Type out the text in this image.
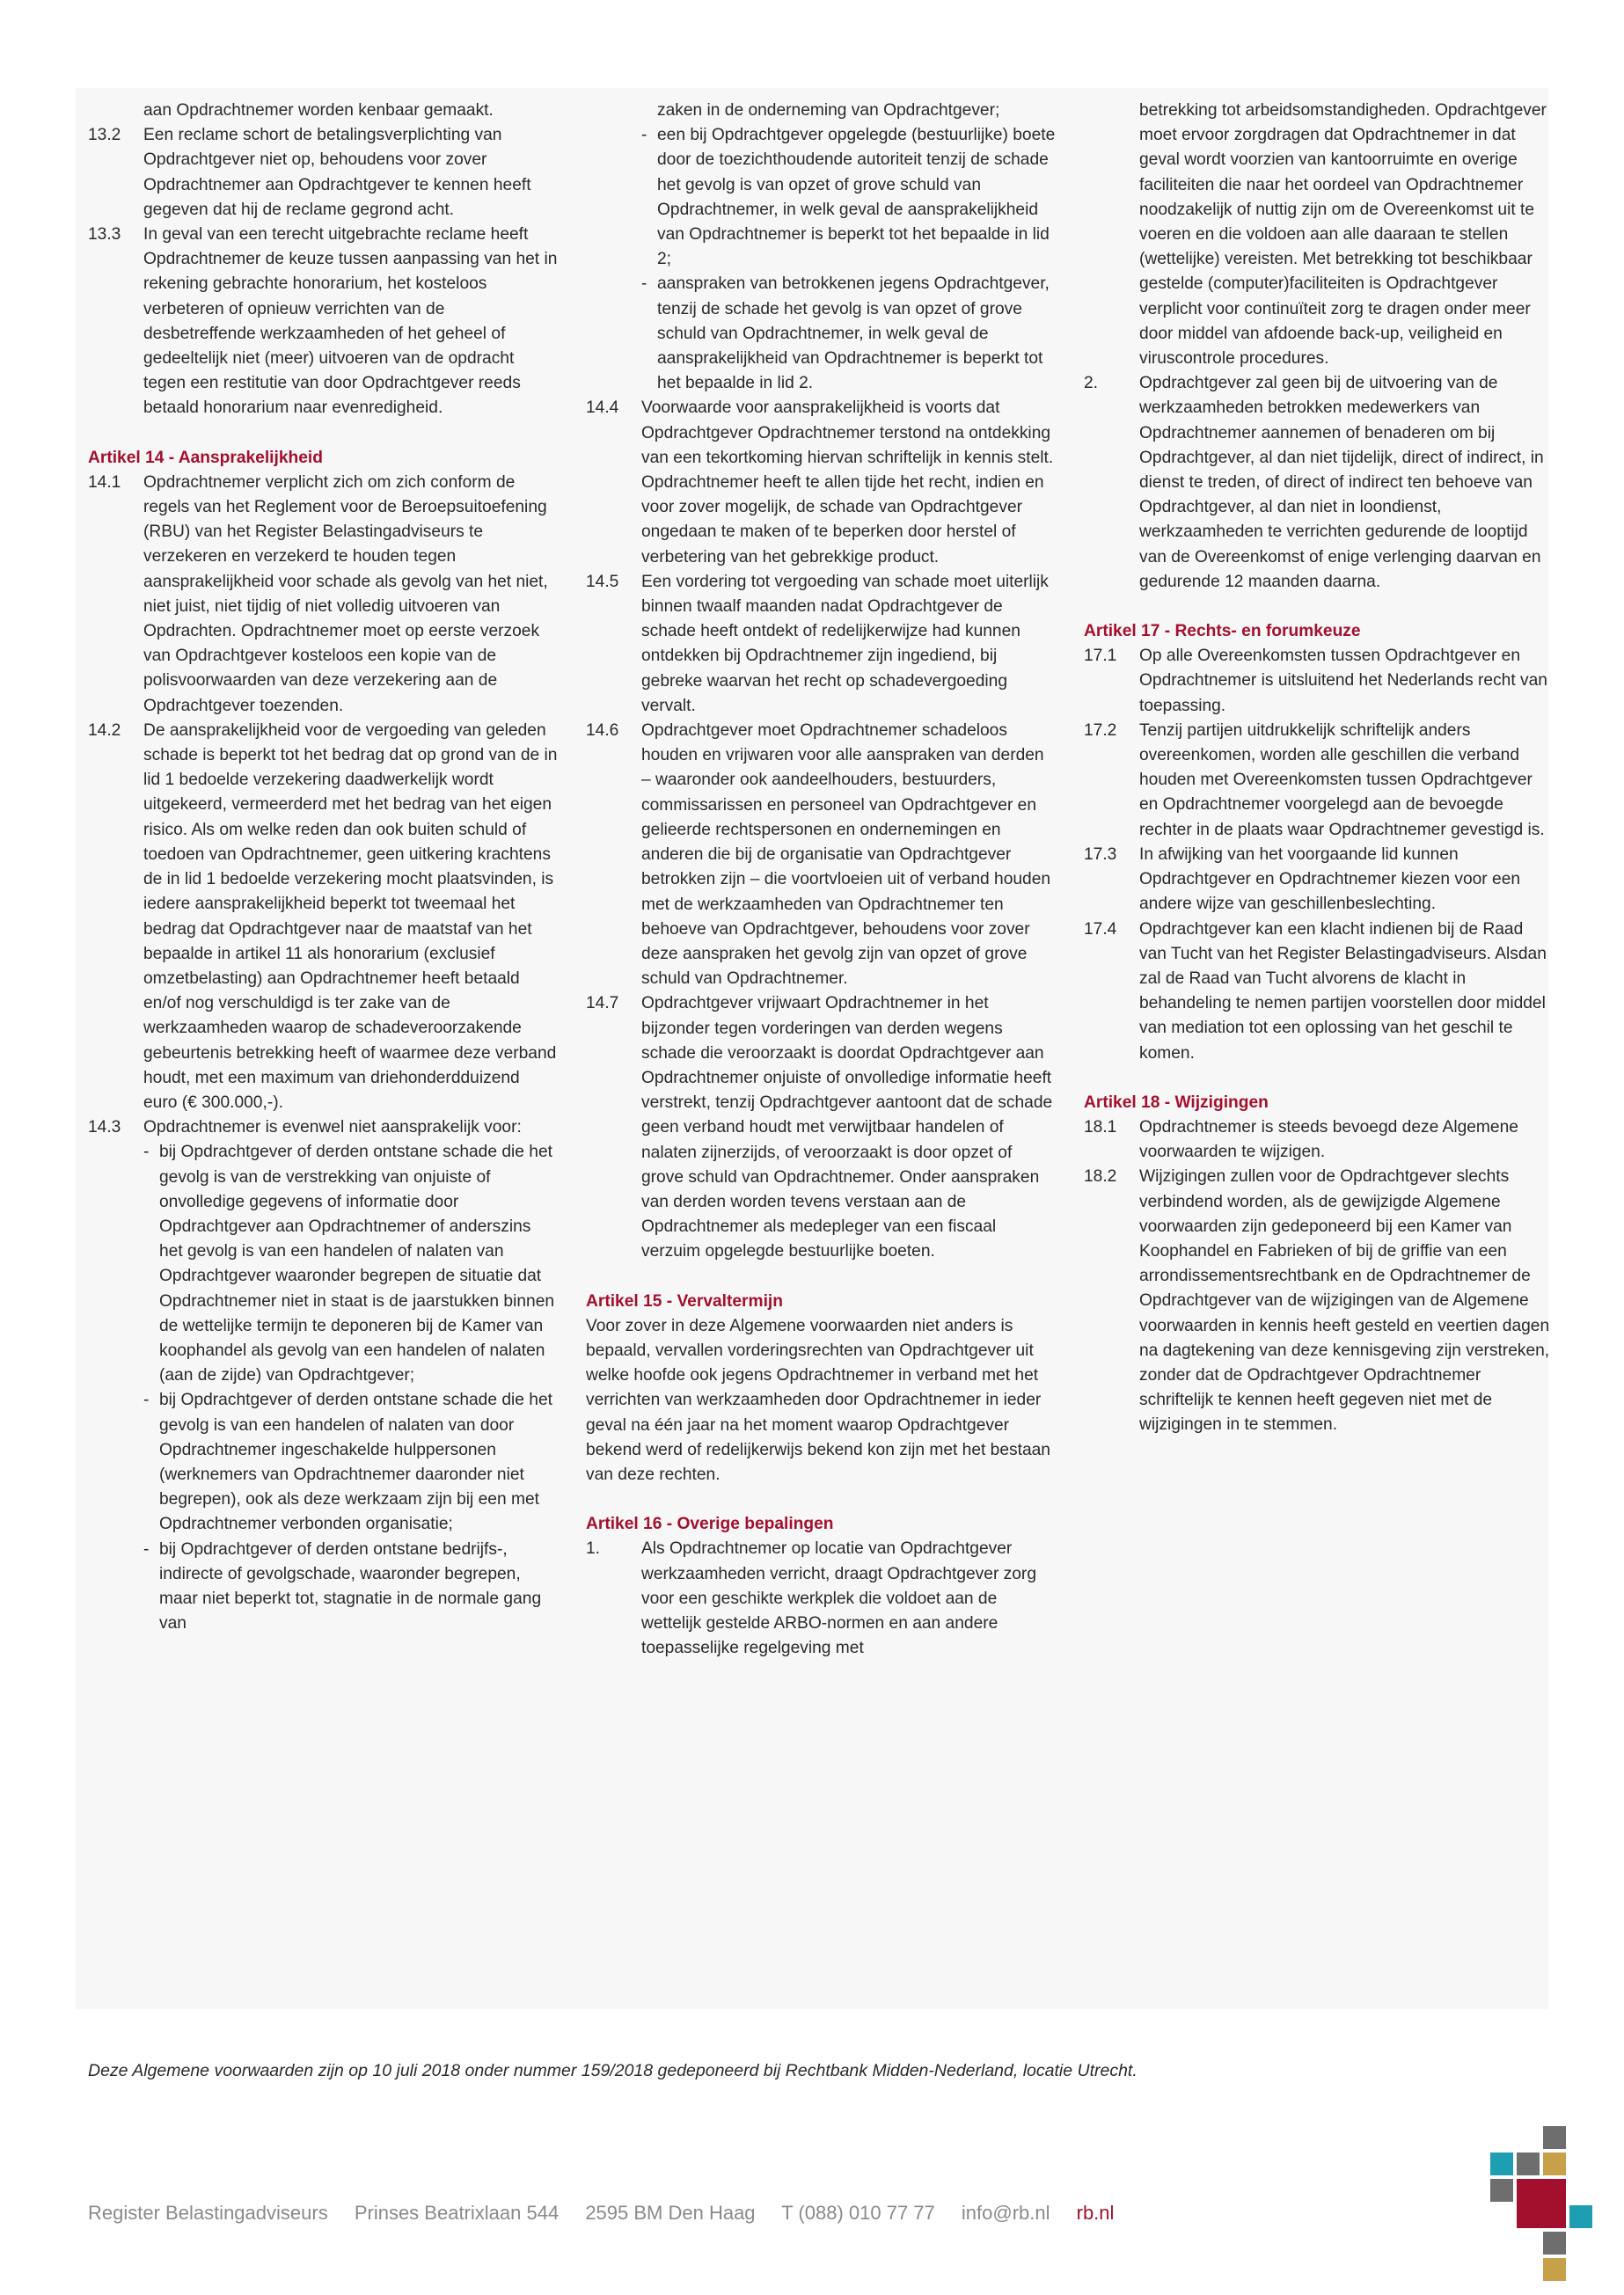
aan Opdrachtnemer worden kenbaar gemaakt.
13.2	Een reclame schort de betalingsverplichting van Opdrachtgever niet op, behoudens voor zover Opdrachtnemer aan Opdrachtgever te kennen heeft gegeven dat hij de reclame gegrond acht.
13.3	In geval van een terecht uitgebrachte reclame heeft Opdrachtnemer de keuze tussen aanpassing van het in rekening gebrachte honorarium, het kosteloos verbeteren of opnieuw verrichten van de desbetreffende werkzaamheden of het geheel of gedeeltelijk niet (meer) uitvoeren van de opdracht tegen een restitutie van door Opdrachtgever reeds betaald honorarium naar evenredigheid.
Artikel 14 - Aansprakelijkheid
14.1	Opdrachtnemer verplicht zich om zich conform de regels van het Reglement voor de Beroepsuitoefening (RBU) van het Register Belastingadviseurs te verzekeren en verzekerd te houden tegen aansprakelijkheid voor schade als gevolg van het niet, niet juist, niet tijdig of niet volledig uitvoeren van Opdrachten. Opdrachtnemer moet op eerste verzoek van Opdrachtgever kosteloos een kopie van de polisvoorwaarden van deze verzekering aan de Opdrachtgever toezenden.
14.2	De aansprakelijkheid voor de vergoeding van geleden schade is beperkt tot het bedrag dat op grond van de in lid 1 bedoelde verzekering daadwerkelijk wordt uitgekeerd, vermeerderd met het bedrag van het eigen risico. Als om welke reden dan ook buiten schuld of toedoen van Opdrachtnemer, geen uitkering krachtens de in lid 1 bedoelde verzekering mocht plaatsvinden, is iedere aansprakelijkheid beperkt tot tweemaal het bedrag dat Opdrachtgever naar de maatstaf van het bepaalde in artikel 11 als honorarium (exclusief omzetbelasting) aan Opdrachtnemer heeft betaald en/of nog verschuldigd is ter zake van de werkzaamheden waarop de schadeveroorzakende gebeurtenis betrekking heeft of waarmee deze verband houdt, met een maximum van driehonderdduizend euro (€ 300.000,-).
14.3	Opdrachtnemer is evenwel niet aansprakelijk voor:
- bij Opdrachtgever of derden ontstane schade die het gevolg is van de verstrekking van onjuiste of onvolledige gegevens of informatie door Opdrachtgever aan Opdrachtnemer of anderszins het gevolg is van een handelen of nalaten van Opdrachtgever waaronder begrepen de situatie dat Opdrachtnemer niet in staat is de jaarstukken binnen de wettelijke termijn te deponeren bij de Kamer van koophandel als gevolg van een handelen of nalaten (aan de zijde) van Opdrachtgever;
- bij Opdrachtgever of derden ontstane schade die het gevolg is van een handelen of nalaten van door Opdrachtnemer ingeschakelde hulppersonen (werknemers van Opdrachtnemer daaronder niet begrepen), ook als deze werkzaam zijn bij een met Opdrachtnemer verbonden organisatie;
- bij Opdrachtgever of derden ontstane bedrijfs-, indirecte of gevolgschade, waaronder begrepen, maar niet beperkt tot, stagnatie in de normale gang van
zaken in de onderneming van Opdrachtgever;
- een bij Opdrachtgever opgelegde (bestuurlijke) boete door de toezichthoudende autoriteit tenzij de schade het gevolg is van opzet of grove schuld van Opdrachtnemer, in welk geval de aansprakelijkheid van Opdrachtnemer is beperkt tot het bepaalde in lid 2;
- aanspraken van betrokkenen jegens Opdrachtgever, tenzij de schade het gevolg is van opzet of grove schuld van Opdrachtnemer, in welk geval de aansprakelijkheid van Opdrachtnemer is beperkt tot het bepaalde in lid 2.
14.4	Voorwaarde voor aansprakelijkheid is voorts dat Opdrachtgever Opdrachtnemer terstond na ontdekking van een tekortkoming hiervan schriftelijk in kennis stelt. Opdrachtnemer heeft te allen tijde het recht, indien en voor zover mogelijk, de schade van Opdrachtgever ongedaan te maken of te beperken door herstel of verbetering van het gebrekkige product.
14.5	Een vordering tot vergoeding van schade moet uiterlijk binnen twaalf maanden nadat Opdrachtgever de schade heeft ontdekt of redelijkerwijze had kunnen ontdekken bij Opdrachtnemer zijn ingediend, bij gebreke waarvan het recht op schadevergoeding vervalt.
14.6	Opdrachtgever moet Opdrachtnemer schadeloos houden en vrijwaren voor alle aanspraken van derden – waaronder ook aandeelhouders, bestuurders, commissarissen en personeel van Opdrachtgever en gelieerde rechtspersonen en ondernemingen en anderen die bij de organisatie van Opdrachtgever betrokken zijn – die voortvloeien uit of verband houden met de werkzaamheden van Opdrachtnemer ten behoeve van Opdrachtgever, behoudens voor zover deze aanspraken het gevolg zijn van opzet of grove schuld van Opdrachtnemer.
14.7	Opdrachtgever vrijwaart Opdrachtnemer in het bijzonder tegen vorderingen van derden wegens schade die veroorzaakt is doordat Opdrachtgever aan Opdrachtnemer onjuiste of onvolledige informatie heeft verstrekt, tenzij Opdrachtgever aantoont dat de schade geen verband houdt met verwijtbaar handelen of nalaten zijnerzijds, of veroorzaakt is door opzet of grove schuld van Opdrachtnemer. Onder aanspraken van derden worden tevens verstaan aan de Opdrachtnemer als medepleger van een fiscaal verzuim opgelegde bestuurlijke boeten.
Artikel 15 - Vervaltermijn
Voor zover in deze Algemene voorwaarden niet anders is bepaald, vervallen vorderingsrechten van Opdrachtgever uit welke hoofde ook jegens Opdrachtnemer in verband met het verrichten van werkzaamheden door Opdrachtnemer in ieder geval na één jaar na het moment waarop Opdrachtgever bekend werd of redelijkerwijs bekend kon zijn met het bestaan van deze rechten.
Artikel 16 - Overige bepalingen
1.	Als Opdrachtnemer op locatie van Opdrachtgever werkzaamheden verricht, draagt Opdrachtgever zorg voor een geschikte werkplek die voldoet aan de wettelijk gestelde ARBO-normen en aan andere toepasselijke regelgeving met
betrekking tot arbeidsomstandigheden. Opdrachtgever moet ervoor zorgdragen dat Opdrachtnemer in dat geval wordt voorzien van kantoorruimte en overige faciliteiten die naar het oordeel van Opdrachtnemer noodzakelijk of nuttig zijn om de Overeenkomst uit te voeren en die voldoen aan alle daaraan te stellen (wettelijke) vereisten. Met betrekking tot beschikbaar gestelde (computer)faciliteiten is Opdrachtgever verplicht voor continuïteit zorg te dragen onder meer door middel van afdoende back-up, veiligheid en viruscontrole procedures.
2.	Opdrachtgever zal geen bij de uitvoering van de werkzaamheden betrokken medewerkers van Opdrachtnemer aannemen of benaderen om bij Opdrachtgever, al dan niet tijdelijk, direct of indirect, in dienst te treden, of direct of indirect ten behoeve van Opdrachtgever, al dan niet in loondienst, werkzaamheden te verrichten gedurende de looptijd van de Overeenkomst of enige verlenging daarvan en gedurende 12 maanden daarna.
Artikel 17 - Rechts- en forumkeuze
17.1	Op alle Overeenkomsten tussen Opdrachtgever en Opdrachtnemer is uitsluitend het Nederlands recht van toepassing.
17.2	Tenzij partijen uitdrukkelijk schriftelijk anders overeenkomen, worden alle geschillen die verband houden met Overeenkomsten tussen Opdrachtgever en Opdrachtnemer voorgelegd aan de bevoegde rechter in de plaats waar Opdrachtnemer gevestigd is.
17.3	In afwijking van het voorgaande lid kunnen Opdrachtgever en Opdrachtnemer kiezen voor een andere wijze van geschillenbeslechting.
17.4	Opdrachtgever kan een klacht indienen bij de Raad van Tucht van het Register Belastingadviseurs. Alsdan zal de Raad van Tucht alvorens de klacht in behandeling te nemen partijen voorstellen door middel van mediation tot een oplossing van het geschil te komen.
Artikel 18 - Wijzigingen
18.1	Opdrachtnemer is steeds bevoegd deze Algemene voorwaarden te wijzigen.
18.2	Wijzigingen zullen voor de Opdrachtgever slechts verbindend worden, als de gewijzigde Algemene voorwaarden zijn gedeponeerd bij een Kamer van Koophandel en Fabrieken of bij de griffie van een arrondissementsrechtbank en de Opdrachtnemer de Opdrachtgever van de wijzigingen van de Algemene voorwaarden in kennis heeft gesteld en veertien dagen na dagtekening van deze kennisgeving zijn verstreken, zonder dat de Opdrachtgever Opdrachtnemer schriftelijk te kennen heeft gegeven niet met de wijzigingen in te stemmen.
Deze Algemene voorwaarden zijn op 10 juli 2018 onder nummer 159/2018 gedeponeerd bij Rechtbank Midden-Nederland, locatie Utrecht.
Register Belastingadviseurs Prinses Beatrixlaan 544 2595 BM Den Haag T (088) 010 77 77 info@rb.nl rb.nl
